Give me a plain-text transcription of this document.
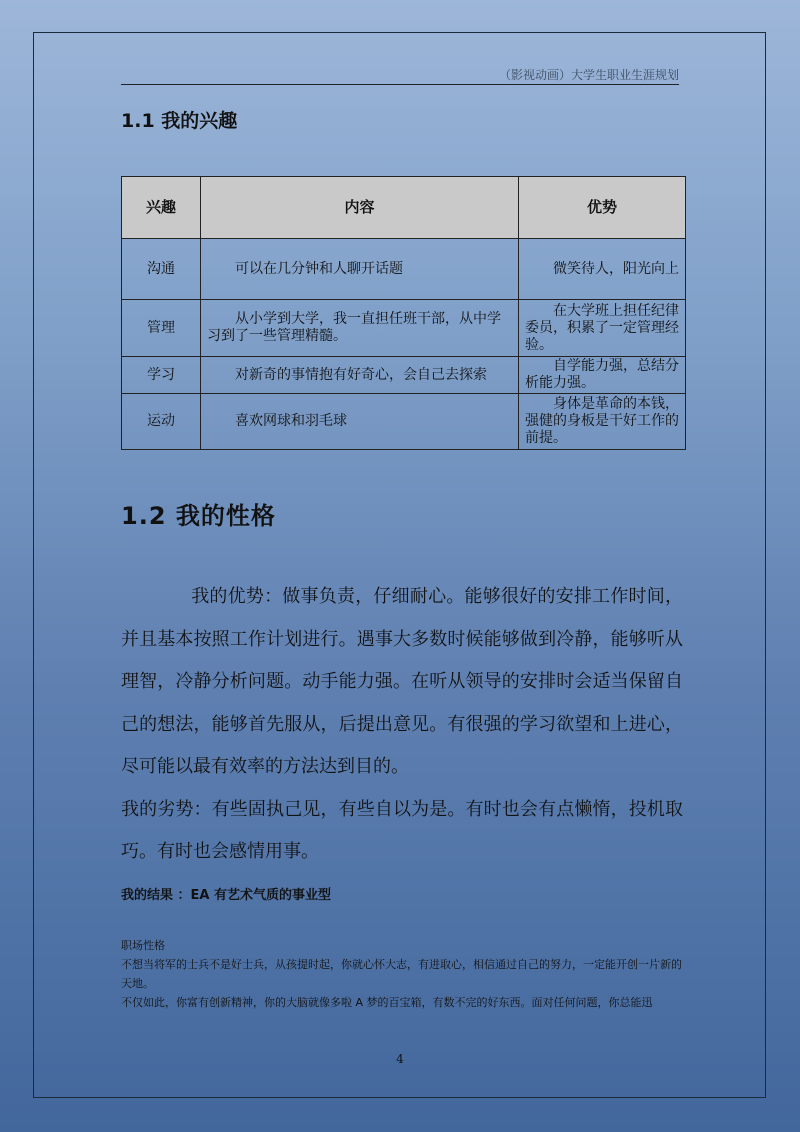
（影视动画）大学生职业生涯规划
1.1 我的兴趣
兴趣	内容	优势
沟通	可以在几分钟和人聊开话题	微笑待人，阳光向上

管理	从小学到大学，我一直担任班干部，从中学习到了一些管理精髓。	在大学班上担任纪律委员，积累了一定管理经验。

学习	对新奇的事情抱有好奇心，会自己去探索	自学能力强，总结分析能力强。

运动	喜欢网球和羽毛球	身体是革命的本钱，强健的身板是干好工作的前提。
1.2 我的性格

我的优势：做事负责，仔细耐心。能够很好的安排工作时间，并且基本按照工作计划进行。遇事大多数时候能够做到冷静，能够听从理智，冷静分析问题。动手能力强。在听从领导的安排时会适当保留自己的想法，能够首先服从，后提出意见。有很强的学习欲望和上进心，尽可能以最有效率的方法达到目的。

我的劣势：有些固执己见，有些自以为是。有时也会有点懒惰，投机取巧。有时也会感情用事。

我的结果 ：EA 有艺术气质的事业型

职场性格

不想当将军的士兵不是好士兵，从孩提时起，你就心怀大志，有进取心，相信通过自己的努力，一定能开创一片新的天地。

不仅如此，你富有创新精神，你的大脑就像多啦 A 梦的百宝箱，有数不完的好东西。面对任何问题，你总能迅

4
